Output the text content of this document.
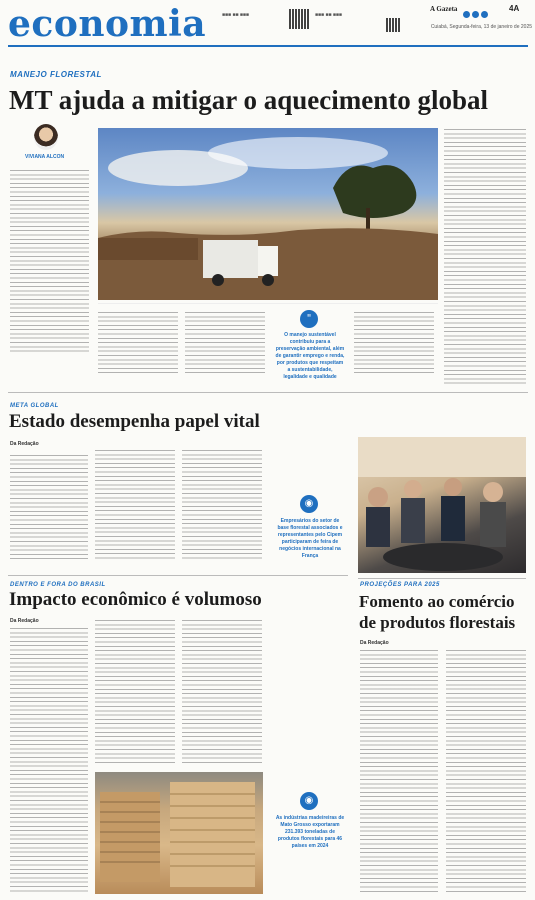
economia	■■■ ■■ ■■■	■■■ ■■ ■■■
A Gazeta	4A
Cuiabá, Segunda-feira, 13 de janeiro de 2025
MANEJO FLORESTAL
MT ajuda a mitigar o aquecimento global
VIVIANA ALCON
"
O manejo sustentável contribuiu para a preservação ambiental, além de garantir emprego e renda, por produtos que respeitam a sustentabilidade, legalidade e qualidade
META GLOBAL
Estado desempenha papel vital
Da Redação
◉
Empresários do setor de base florestal associados e representantes pelo Cipem participaram de feira de negócios internacional na França
DENTRO E FORA DO BRASIL
Impacto econômico é volumoso
Da Redação
◉
As indústrias madeireiras de Mato Grosso exportaram 231.393 toneladas de produtos florestais para 46 países em 2024
PROJEÇÕES PARA 2025
Fomento ao comércio
de produtos florestais
Da Redação
